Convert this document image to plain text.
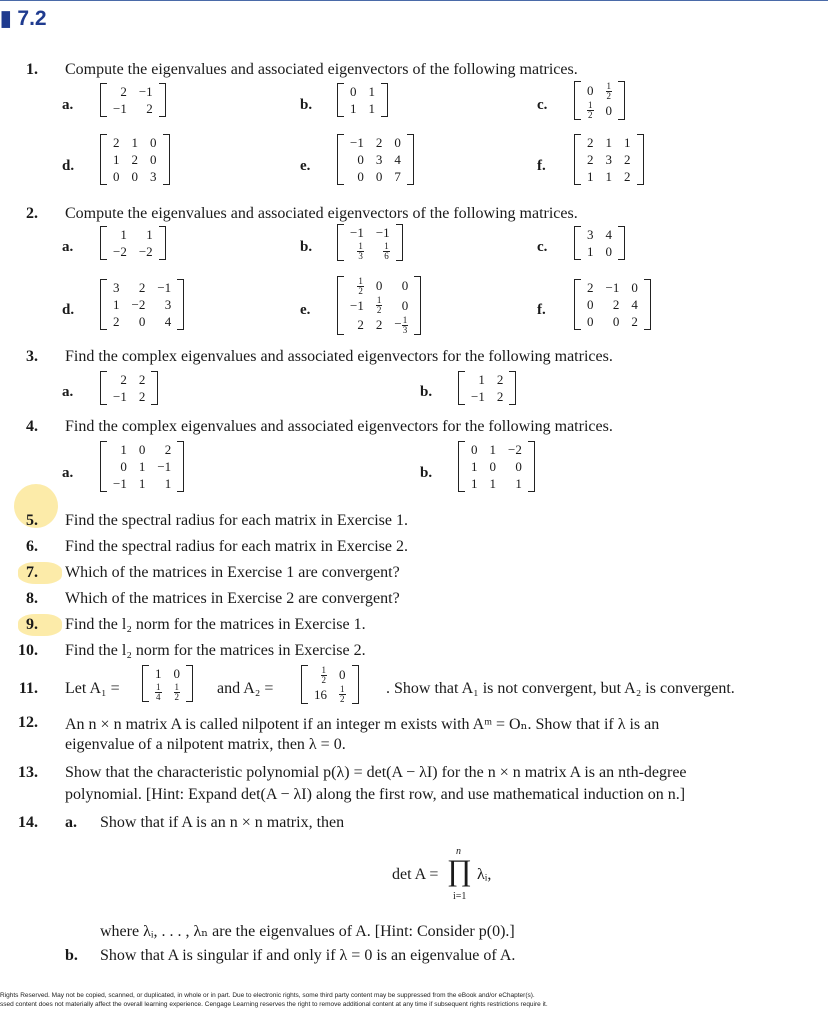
▮ 7.2
1. Compute the eigenvalues and associated eigenvectors of the following matrices.
a.
2	−1
−1	2	b.
0	1
1	1	c.
0	$\frac{1}{2}$

$\frac{1}{2}$	0
d.
2	1	0
1	2	0
0	0	3
e.
−1	2	0
0	3	4
0	0	7
f.
2	1	1
2	3	2
1	1	2
2. Compute the eigenvalues and associated eigenvectors of the following matrices.
a.
1	1
−2	−2	b.
−1	−1

$\frac{1}{3}$	$\frac{1}{6}$	c.
3	4
1	0
d.
3	2	−1
1	−2	3
2	0	4
e.
$\frac{1}{2}$	0	0
−1	$\frac{1}{2}$	0
2	2	− $\frac{1}{3}$
f.
2	−1	0
0	2	4
0	0	2
3. Find the complex eigenvalues and associated eigenvectors for the following matrices.
a.
2	2
−1	2	b.
1	2
−1	2
4. Find the complex eigenvalues and associated eigenvectors for the following matrices.
a.
1	0	2
0	1	−1
−1	1	1
b.
0	1	−2
1	0	0
1	1	1
5. Find the spectral radius for each matrix in Exercise 1.
6. Find the spectral radius for each matrix in Exercise 2.
7. Which of the matrices in Exercise 1 are convergent?
8. Which of the matrices in Exercise 2 are convergent?
9. Find the l₂ norm for the matrices in Exercise 1.
10. Find the l₂ norm for the matrices in Exercise 2.
11. Let A₁ =	and A₂ =	. Show that A₁ is not convergent, but A₂ is convergent.
1	0

$\frac{1}{4}$	$\frac{1}{2}$
$\frac{1}{2}$	0
16	$\frac{1}{2}$
12. An n × n matrix A is called nilpotent if an integer m exists with Aᵐ = Oₙ. Show that if λ is an
eigenvalue of a nilpotent matrix, then λ = 0.
13. Show that the characteristic polynomial p(λ) = det(A − λI) for the n × n matrix A is an nth-degree
polynomial. [Hint: Expand det(A − λI) along the first row, and use mathematical induction on n.]
14. a. Show that if A is an n × n matrix, then
det A =
n
∏
i=1
λᵢ,
where λᵢ, . . . , λₙ are the eigenvalues of A. [Hint: Consider p(0).]
b. Show that A is singular if and only if λ = 0 is an eigenvalue of A.
Rights Reserved. May not be copied, scanned, or duplicated, in whole or in part. Due to electronic rights, some third party content may be suppressed from the eBook and/or eChapter(s).
ssed content does not materially affect the overall learning experience. Cengage Learning reserves the right to remove additional content at any time if subsequent rights restrictions require it.
